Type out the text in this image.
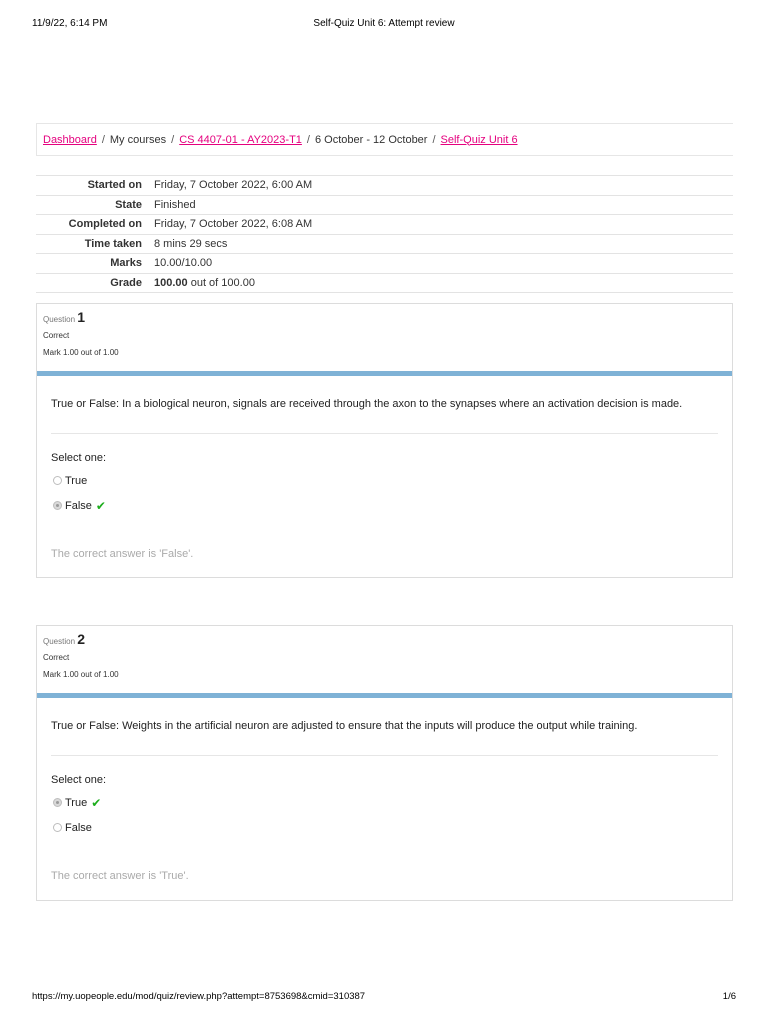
11/9/22, 6:14 PM	Self-Quiz Unit 6: Attempt review
Dashboard / My courses / CS 4407-01 - AY2023-T1 / 6 October - 12 October / Self-Quiz Unit 6
Started on	Friday, 7 October 2022, 6:00 AM
State	Finished
Completed on	Friday, 7 October 2022, 6:08 AM
Time taken	8 mins 29 secs
Marks	10.00/10.00
Grade	100.00 out of 100.00
Question 1
Correct
Mark 1.00 out of 1.00
True or False: In a biological neuron, signals are received through the axon to the synapses where an activation decision is made.
Select one:
True
False ✔
The correct answer is 'False'.
Question 2
Correct
Mark 1.00 out of 1.00
True or False: Weights in the artificial neuron are adjusted to ensure that the inputs will produce the output while training.
Select one:
True ✔
False
The correct answer is 'True'.
https://my.uopeople.edu/mod/quiz/review.php?attempt=8753698&cmid=310387	1/6
